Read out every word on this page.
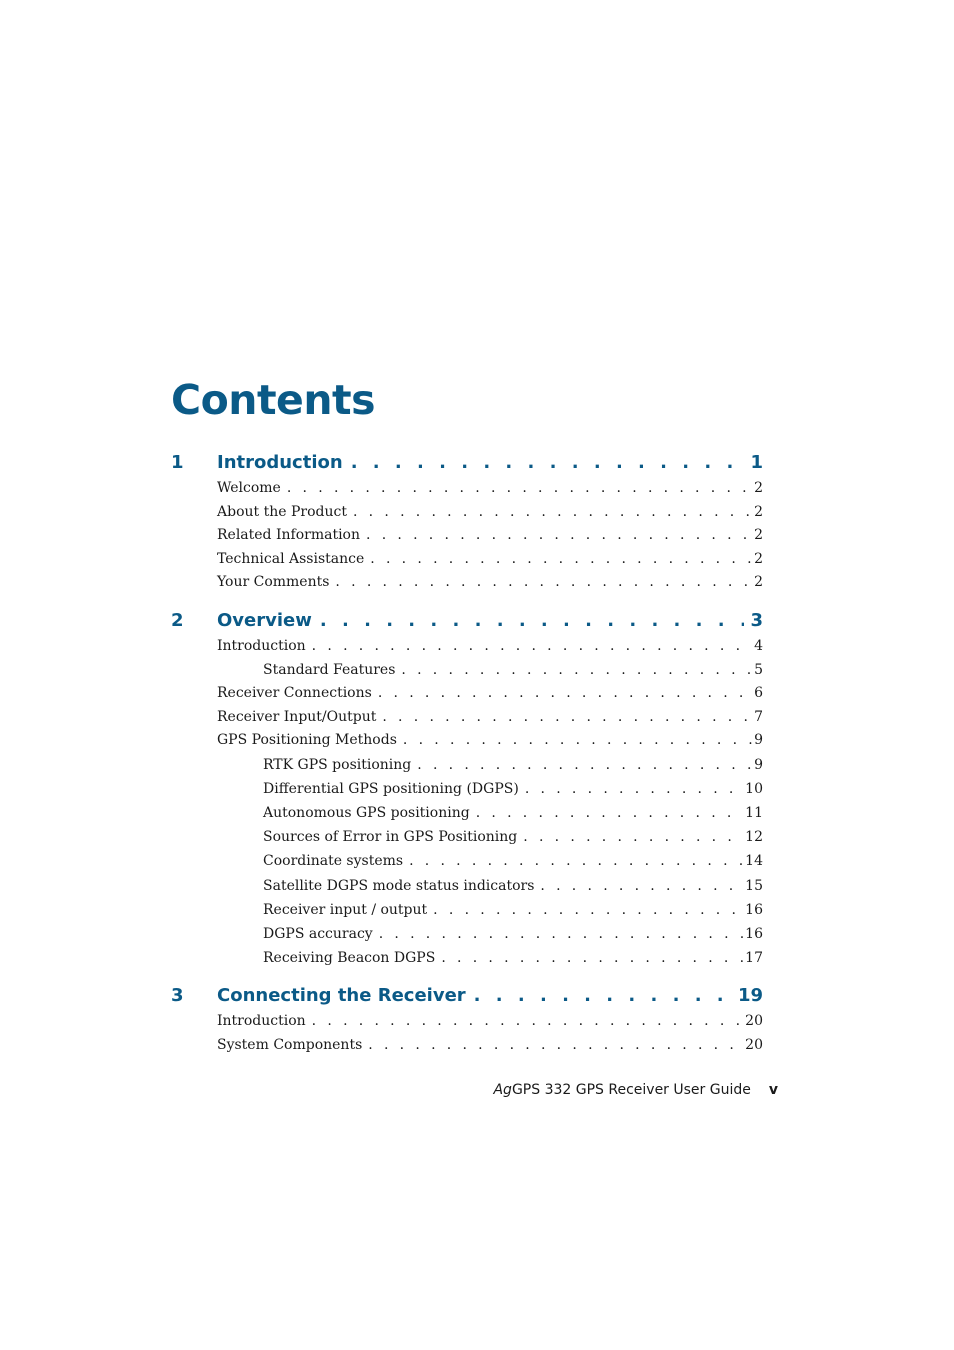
Contents
1	Introduction . . .	1
Welcome . . .	2
About the Product . . .	2
Related Information . . .	2
Technical Assistance . . .	2
Your Comments . . .	2
2	Overview . . .	3
Introduction . . .	4
Standard Features . . .	5
Receiver Connections . . .	6
Receiver Input/Output . . .	7
GPS Positioning Methods . . .	9
RTK GPS positioning . . .	9
Differential GPS positioning (DGPS) . . .	10
Autonomous GPS positioning . . .	11
Sources of Error in GPS Positioning . . .	12
Coordinate systems . . .	14
Satellite DGPS mode status indicators . . .	15
Receiver input / output . . .	16
DGPS accuracy . . .	16
Receiving Beacon DGPS . . .	17
3	Connecting the Receiver . . .	19
Introduction . . .	20
System Components . . .	20
AgGPS 332 GPS Receiver User Guide v
